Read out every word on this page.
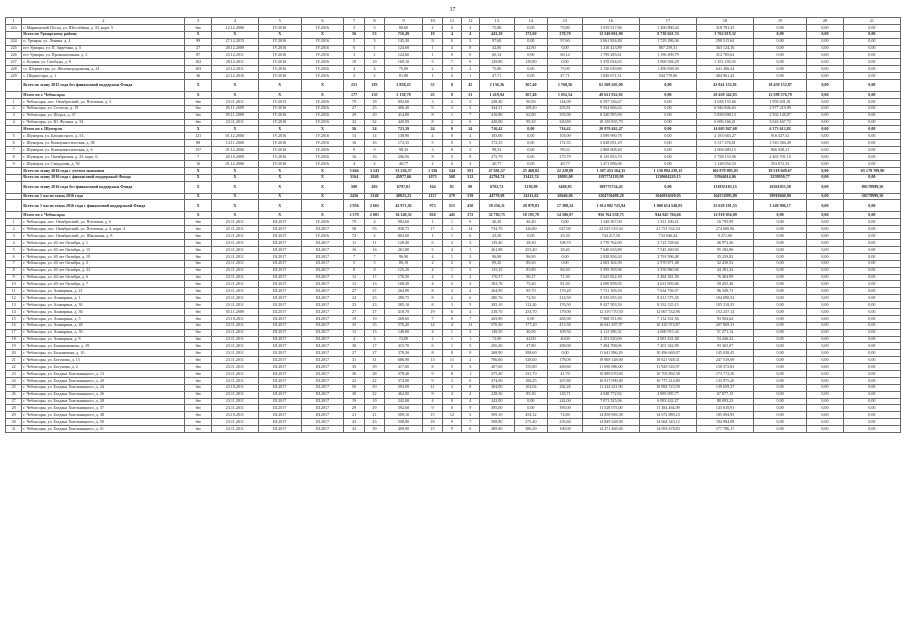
37
1	2	3	4	5	6	7	8	9	10	11	12	13	14	15	16	17	18	19	20	21
223	г. Мариинский Посад, ул. Шоссейная, д. 33, корп. 5	6ю	12.12.2006	IV.2016	IV.2016	5	5	80,60	2	0	2	75,80	0,00	75,80	1 919 517,96	1 300 800,44	318 781,35	0,00	0,00	0,00
	Всего по Урмарскому району	X	X	X	X	56	53	716,49	19	4	4	443,20	172,60	270,70	12 540 061,00	8 730 041,74	3 762 018,32	0,00	0,00	0,00
224	п. Урмары, ул. Ленина, д. 4	99	27.12.2015	IV.2016	IV.2016	5	5	145,30	9	0	2	97,60	0,00	97,60	2 061 854,88	1 729 286,36	298 515,64	0,00	0,00	0,00
225	пгт Урмары, ул. П. Зарубина, д. 5	27	28.12.2009	IV.2016	IV.2016	6	1	124,60	1	4	0	42,80	42,80	0,00	1 210 413,89	867 239,31	363 124,16	0,00	0,00	0,00
226	пгт Урмары, ул. Промышленная, д. 2	87	23.12.2011	IV.2016	IV.2016	3	1	124,60	1	0	0	60,14	0,00	60,14	1 799 285,61	1 196 499,79	312 785,62	0,00	0,00	0,00
227	с. Кошки, ул. Свободы, д. 8	102	28.12.2011	IV.2016	IV.2016	19	19	169,10	5	7	0	129,80	129,80	0,00	5 478 034,63	3 969 584,29	1 351 250,35	0,00	0,00	0,00
228	ст. Шоркистры, ул. Железнодорожная, д. 41	103	23.12.2011	IV.2016	IV.2016	4	4	75,00	2	0	2	75,00	0,00	75,00	2 130 039,80	1 490 838,50	641 406,24	0,00	0,00	0,00
229	с. Шоркистры, д. 1	36	22.12.2016	IV.2016	IV.2016	2	2	81,88	1	0	1	47,71	0,00	47,71	1 849 671,51	944 770,06	404 961,42	0,00	0,00	0,00
	Всего по этапу 2015 года без финансовой поддержки Фонда	X	X	X	X	221	183	2 858,25	53	8	45	2 136,36	367,40	1 768,56	61 508 205,00	0,00	43 841 152,81	18 459 152,87	0,00	0,00
	Итого по г. Чебоксары	X	X	X	X	177	135	2 138,78	25	8	21	1 419,94	367,40	1 052,54	49 621 922,02	0,00	28 459 342,83	12 598 576,79	0,00	0,00
1	г. Чебоксары, пос. Октябрьский, ул. Почтовая, д. 3	6ю	23.11.2011	IV.2015	IV.2016	79	18	892,60	3	2	3	248,40	96,90	144,00	6 597 336,67	0,00	4 638 155,66	1 959 201,01	0,00	0,00
2	г. Чебоксары, ул. Сеспеля, д. 19	6ю	05.11.2009	IV.2016	IV.2016	27	25	406,30	9	3	5	344,31	108,40	235,81	9 924 666,62	0,00	6 946 846,63	2 977 219,99	0,00	0,00
3	г. Чебоксары, ул. Шорса, д. 47	6ю	05.11.2009	IV.2016	IV.2016	29	29	414,80	8	1	7	416,80	62,90	353,90	8 340 995,90	0,00	5 838 698,13	2 502 148,87	0,00	0,00
4	г. Чебоксары, ул. Ю. Фучика, д. 54	6ю	23.11.2011	IV.2016	IV.2016	32	32	420,09	8	2	6	420,00	99,20	320,80	10 156 835,79	0,00	6 696 166,21	3 643 647,72	0,00	0,00
	Итого по г. Шумерля	X	X	X	X	56	54	723,39	24	0	24	716,42	0,00	716,42	20 979 462,47	0,00	14 605 847,68	6 373 613,82	0,00	0,00
5	г. Шумерля, ул. Бахмисского, д. 53	121	01.12.2006	IV.2016	IV.2016	14	14	138,90	4	0	4	105,00	0,00	105,00	3 099 990,78	0,00	2 183 663,27	916 327,52	0,00	0,00
6	г. Шумерля, ул. Коммунистическая, д. 38	88	14.11.2006	IV.2016	IV.2016	16	16	172,35	5	0	5	172,35	0,00	172,35	5 028 051,29	0,00	3 517 476,81	1 510 584,49	0,00	0,00
7	г. Шумерля, ул. Коммунистическая, д. 6	157	01.12.2006	IV.2016	IV.2016	9	9	98,33	3	0	3	98,33	0,00	98,33	2 868 608,40	0,00	2 006 680,15	866 928,21	0,00	0,00
8	г. Шумерля, ул. Октябрьская, д. 25, корп. 6	7	20.10.2009	IV.2016	IV.2016	16	16	206,56	8	0	8	275,79	0,00	275,79	8 135 853,70	0,00	5 758 153,96	2 465 701,10	0,00	0,00
9	г. Шумерля, ул. Свердлова, д. 50	16	01.12.2006	IV.2016	IV.2016	4	4	40,77	2	0	2	40,77	0,00	40,77	1 471 096,06	0,00	1 128 054,33	353 072,33	0,00	0,00
	Всего по этапу 2016 года с учетом экономии	X	X	X	X	3 664	3 243	53 236,57	1 336	544	591	47 681,57	25 468,82	22 228,88	1 307 453 164,35	1 130 094 229,15	106 879 095,03	29 518 049,67	0,00	-65 178 709,90
	Всего по этапу 2016 года с финансовой поддержкой Фонда	X	X	X	X	3164	2849	45977,66	1073	568	512	41794,74	23423,74	18093,00	1197774139,99	1130604229,15	55964014,06	2259950,77	0,00	0,00
	Всего по этапу 2016 года без финансовой поддержки Фонда	X	X	X	X	500	402	6797,01	164	81	80	6702,72	3130,09	3469,83	109775754,45	0,00	131835183,15	10261053,58	0,00	-80178999,50
	Всего по 1 части этапа 2016 года	X	X	X	X	2456	2148	40823,23	1137	279	539	44779,68	24112,62	20646,06	1204750488,28	1046934569,05	164374995,89	39918040,80	0,00	-50178999,50
	Всего по 1 части этапа 2016 года с финансовой поддержкой Фонда	X	X	X	X	2 956	2 665	42 971,92	973	515	450	39 256,11	20 979,83	17 388,24	1 014 982 725,94	1 060 614 548,05	32 629 191,53	1 248 996,17	0,00	0,00
	Итого по г. Чебоксары	X	X	X	X	2 579	2 081	36 148,32	820	445	372	32 782,75	18 195,78	14 586,97	956 764 558,75	944 845 704,66	12 918 854,09	0,00	0,00	0,00
1	г. Чебоксары, пос. Октябрьский, ул. Почтовая, д. 6	6ю	25.11.2011	III.2017	IV.2016	79	4	982,60	1	1	0	46,20	46,20	0,00	1 349 367,00	1 331 100,21	16 795,99	0,00	0,00	0,00
2	г. Чебоксары, пос. Октябрьский, ул. Почтовая, д. 4, корп. 4	6ю	25.11.2011	III.2017	III.2017	58	55	838,75	17	3	14	734,70	126,80	627,90	22 025 519,54	21 751 532,54	274 006,96	0,00	0,00	0,00
3	г. Чебоксары, пос. Октябрьский, ул. Школьная, д. 8	6ю	23.11.2011	III.2017	IV.2016	72	4	803,60	1	1	0	25,50	0,00	25,50	744 217,50	734 946,44	9 271,06	0,00	0,00	0,00
4	г. Чебоксары, ул. 40 лет Октября, д. 1	6ю	23.11.2011	III.2017	III.2017	11	11	128,40	6	3	3	139,40	28,30	108,70	3 770 762,00	3 723 728,64	46 973,36	0,00	0,00	0,00
5	г. Чебоксары, ул. 40 лет Октября, д. 15	6ю	23.11.2011	III.2017	III.2017	16	16	261,80	5	4	1	261,88	253,40	28,40	7 640 633,80	7 545 450,94	95 182,86	0,00	0,00	0,00
6	г. Чебоксары, ул. 40 лет Октября, д. 19	6ю	23.11.2011	III.2017	III.2017	7	7	96,90	4	1	3	96,90	96,90	0,00	2 828 856,30	2 793 596,48	35 259,82	0,00	0,00	0,00
7	г. Чебоксары, ул. 40 лет Октября, д. 2	6ю	23.11.2011	III.2017	III.2017	5	5	89,10	2	2	0	89,20	89,20	0,00	2 603 302,00	2 570 871,48	32 430,52	0,00	0,00	0,00
8	г. Чебоксары, ул. 40 лет Октября, д. 32	6ю	25.11.2011	III.2017	III.2017	8	8	125,20	4	1	3	125,25	83,80	84,50	3 595 393,96	3 550 960,06	44 381,34	0,00	0,00	0,00
9	г. Чебоксары, ул. 40 лет Октября, д. 6	6ю	23.11.2011	III.2017	III.2017	13	17	176,50	4	3	2	176,57	96,37	71,30	5 625 822,30	5 484 361,58	76 463,99	0,00	0,00	0,00
10	г. Чебоксары, ул. 40 лет Октября, д. 7	6ю	23.11.2011	III.2017	III.2017	13	13	168,20	4	2	3	163,78	75,40	81,30	4 690 858,05	4 631 693,66	58 455,48	0,00	0,00	0,00
11	г. Чебоксары, ул. Ашмарина, д. 21	6ю	23.11.2011	III.2017	III.2017	27	27	264,90	8	3	4	264,90	95,70	170,20	7 731 106,30	7 634 756,57	96 349,73	0,00	0,00	0,00
12	г. Чебоксары, ул. Ашмарина, д. 1	6ю	23.11.2011	III.2017	III.2017	24	23	280,75	8	2	6	280,76	72,30	214,50	8 335 655,30	8 231 575,35	104 090,53	0,00	0,00	0,00
13	г. Чебоксары, ул. Ашмарина, д. 30	6ю	23.11.2011	III.2017	III.2017	23	23	285,10	8	3	5	285,10	112,20	176,50	8 427 503,50	8 332 125,15	105 318,35	0,00	0,00	0,00
14	г. Чебоксары, ул. Ашмарина, д. 36	6ю	05.11.2009	III.2017	III.2017	27	27	418,70	19	6	4	418,70	254,70	179,00	12 319 770,50	12 067 532,96	152 237,14	0,00	0,00	0,00
15	г. Чебоксары, ул. Ашмарина, д. 5	6ю	23.10.2011	III.2017	III.2017	19	19	268,60	7	0	7	265,90	0,00	265,90	7 968 551,80	7 132 531,56	93 004,64	0,00	0,00	0,00
16	г. Чебоксары, ул. Ашмарина, д. 48	6ю	23.11.2011	III.2017	III.2017	35	35	576,20	14	4	13	570,30	177,20	413,30	16 641 287,97	16 435 974,87	207 869,13	0,00	0,00	0,00
17	г. Чебоксары, ул. Ашмарина, д. 50	6ю	23.11.2011	III.2017	III.2017	13	13	148,80	4	1	3	149,50	40,00	109,50	4 112 386,52	4 060 915,34	51 271,14	0,00	0,00	0,00
18	г. Чебоксары, ул. Ашмарина, д. 8	6ю	23.11.2011	III.2017	III.2017	4	4	72,00	2	1	1	72,00	42,00	40,00	2 101 630,00	2 081 431,68	53 446,32	0,00	0,00	0,00
19	г. Чебоксары, ул. Башмачникова, д. 29	6ю	23.11.2011	III.2017	III.2017	30	17	415,70	6	1	5	256,40	47,80	209,00	7 494 708,06	7 401 342,99	93 365,07	0,00	0,00	0,00
20	г. Чебоксары, ул. Больничная, д. 10	6ю	23.11.2011	III.2017	III.2017	27	27	378,30	8	8	0	268,90	398,60	0,00	11 641 896,29	10 496 669,07	145 038,45	0,00	0,00	0,00
21	г. Чебоксары, ул. Богунова, д. 15	6ю	23.11.2011	III.2017	III.2017	31	31	686,00	13	11	2	706,60	528,60	178,00	19 969 148,00	19 621 928,31	247 519,69	0,00	0,00	0,00
22	г. Чебоксары, ул. Богунова, д. 2	6ю	23.11.2011	III.2017	III.2017	35	39	417,60	8	5	3	407,60	155,80	269,60	11 690 086,00	11 928 543,97	150 572,03	0,00	0,00	0,00
23	г. Чебоксары, ул. Богдана Хмельницкого, д. 13	6ю	23.11.2011	III.2017	III.2017	30	28	378,40	9	8	1	375,40	331,70	41,70	10 889 670,00	10 763 892,58	173 772,30	0,00	0,00	0,00
24	г. Чебоксары, ул. Богдана Хмельницкого, д. 20	6ю	23.11.2011	III.2017	III.2017	22	22	374,00	9	3	6	374,00	106,25	267,80	10 917 090,00	10 775 214,80	133 975,20	0,00	0,00	0,00
25	г. Чебоксары, ул. Богдана Хмельницкого, д. 24	6ю	23.10.2011	III.2017	III.2017	50	50	594,00	11	3	8	384,00	102,04	282,26	11 224 231,90	10 084 723,50	139 659,37	0,00	0,00	0,00
26	г. Чебоксары, ул. Богдана Хмельницкого, д. 26	6ю	23.11.2011	III.2017	III.2017	30	22	462,00	9	3	4	228,30	85,30	145,71	4 948 772,92	4 985 095,77	67 877,15	0,00	0,00	0,00
27	г. Чебоксары, ул. Богдана Хмельницкого, д. 28	6ю	23.11.2011	III.2017	III.2017	19	19	242,00	4	0	4	242,00	0,00	242,00	7 071 525,96	6 983 432,27	88 093,23	0,00	0,00	0,00
28	г. Чебоксары, ул. Богдана Хмельницкого, д. 37	6ю	23.11.2011	III.2017	III.2017	29	29	392,60	9	0	9	395,00	0,00	395,00	11 528 075,00	11 384 464,09	143 610,91	0,00	0,00	0,00
29	г. Чебоксары, ул. Богдана Хмельницкого, д. 48	6ю	23.10.2011	III.2017	III.2017	21	21	509,10	15	12	3	509,10	454,32	74,80	14 858 983,58	14 672 889,23	185 094,95	0,00	0,00	0,00
30	г. Чебоксары, ул. Богдана Хмельницкого, д. 50	6ю	23.11.2011	III.2017	III.2017	43	43	508,80	18	9	7	508,80	275,40	235,60	14 849 328,00	14 664 343,12	184 984,88	0,00	0,00	0,00
31	г. Чебоксары, ул. Богдана Хмельницкого, д. 51	6ю	23.11.2011	III.2017	III.2017	33	39	409,00	15	9	6	489,00	386,30	100,00	14 271 465,00	14 093 678,83	177 786,17	0,00	0,00	0,00
